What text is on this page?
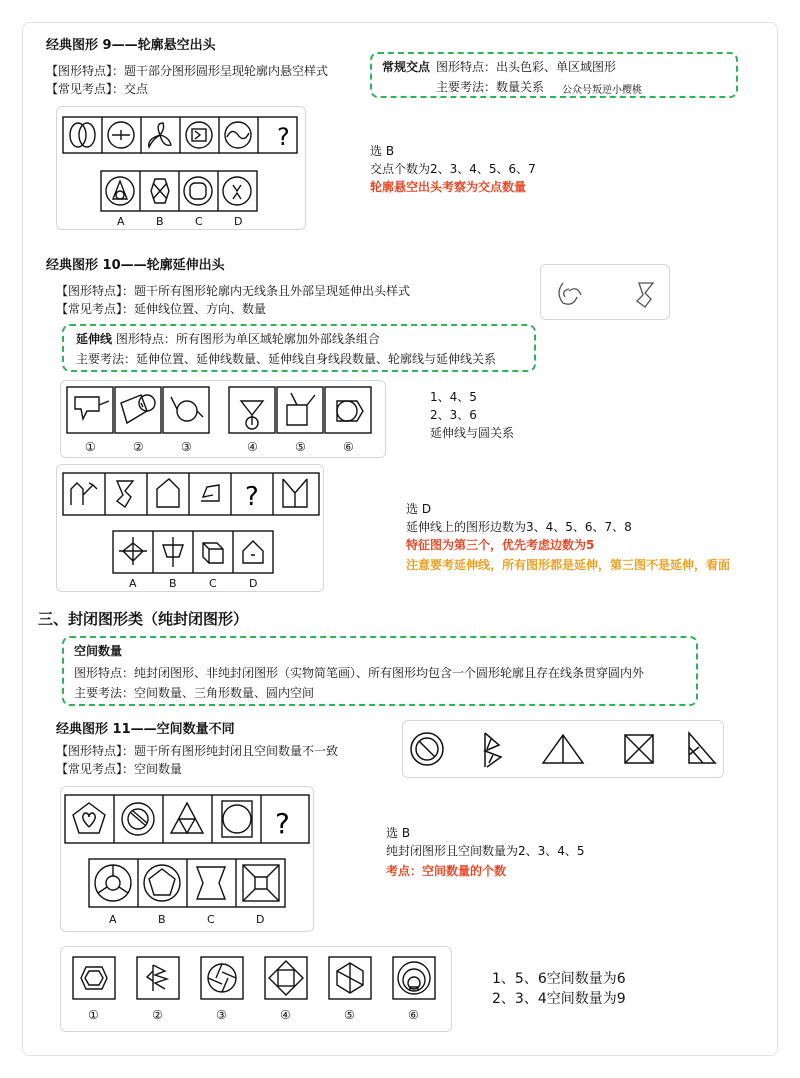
经典图形 9——轮廓悬空出头
【图形特点】：题干部分图形圆形呈现轮廓内悬空样式
【常见考点】：交点
常规交点 图形特点：出头色彩、单区域图形
主要考法：数量关系 公众号叛逆小樱桃
?
A	B	C	D
选 B
交点个数为2、3、4、5、6、7
轮廓悬空出头考察为交点数量
经典图形 10——轮廓延伸出头
【图形特点】：题干所有图形轮廓内无线条且外部呈现延伸出头样式
【常见考点】：延伸线位置、方向、数量
延伸线 图形特点：所有图形为单区域轮廓加外部线条组合
主要考法：延伸位置、延伸线数量、延伸线自身线段数量、轮廓线与延伸线关系
①	②	③	④	⑤	⑥
1、4、5
2、3、6
延伸线与圆关系
?
A	B	C	D
选 D
延伸线上的图形边数为3、4、5、6、7、8
特征图为第三个，优先考虑边数为5
注意要考延伸线，所有图形都是延伸，第三图不是延伸，看面
三、封闭图形类（纯封闭图形）
空间数量
图形特点：纯封闭图形、非纯封闭图形（实物简笔画）、所有图形均包含一个圆形轮廓且存在线条贯穿圆内外
主要考法：空间数量、三角形数量、圆内空间
经典图形 11——空间数量不同
【图形特点】：题干所有图形纯封闭且空间数量不一致
【常见考点】：空间数量
?
A	B	C	D
选 B
纯封闭图形且空间数量为2、3、4、5
考点：空间数量的个数
①	②	③	④	⑤	⑥
1、5、6空间数量为6
2、3、4空间数量为9
